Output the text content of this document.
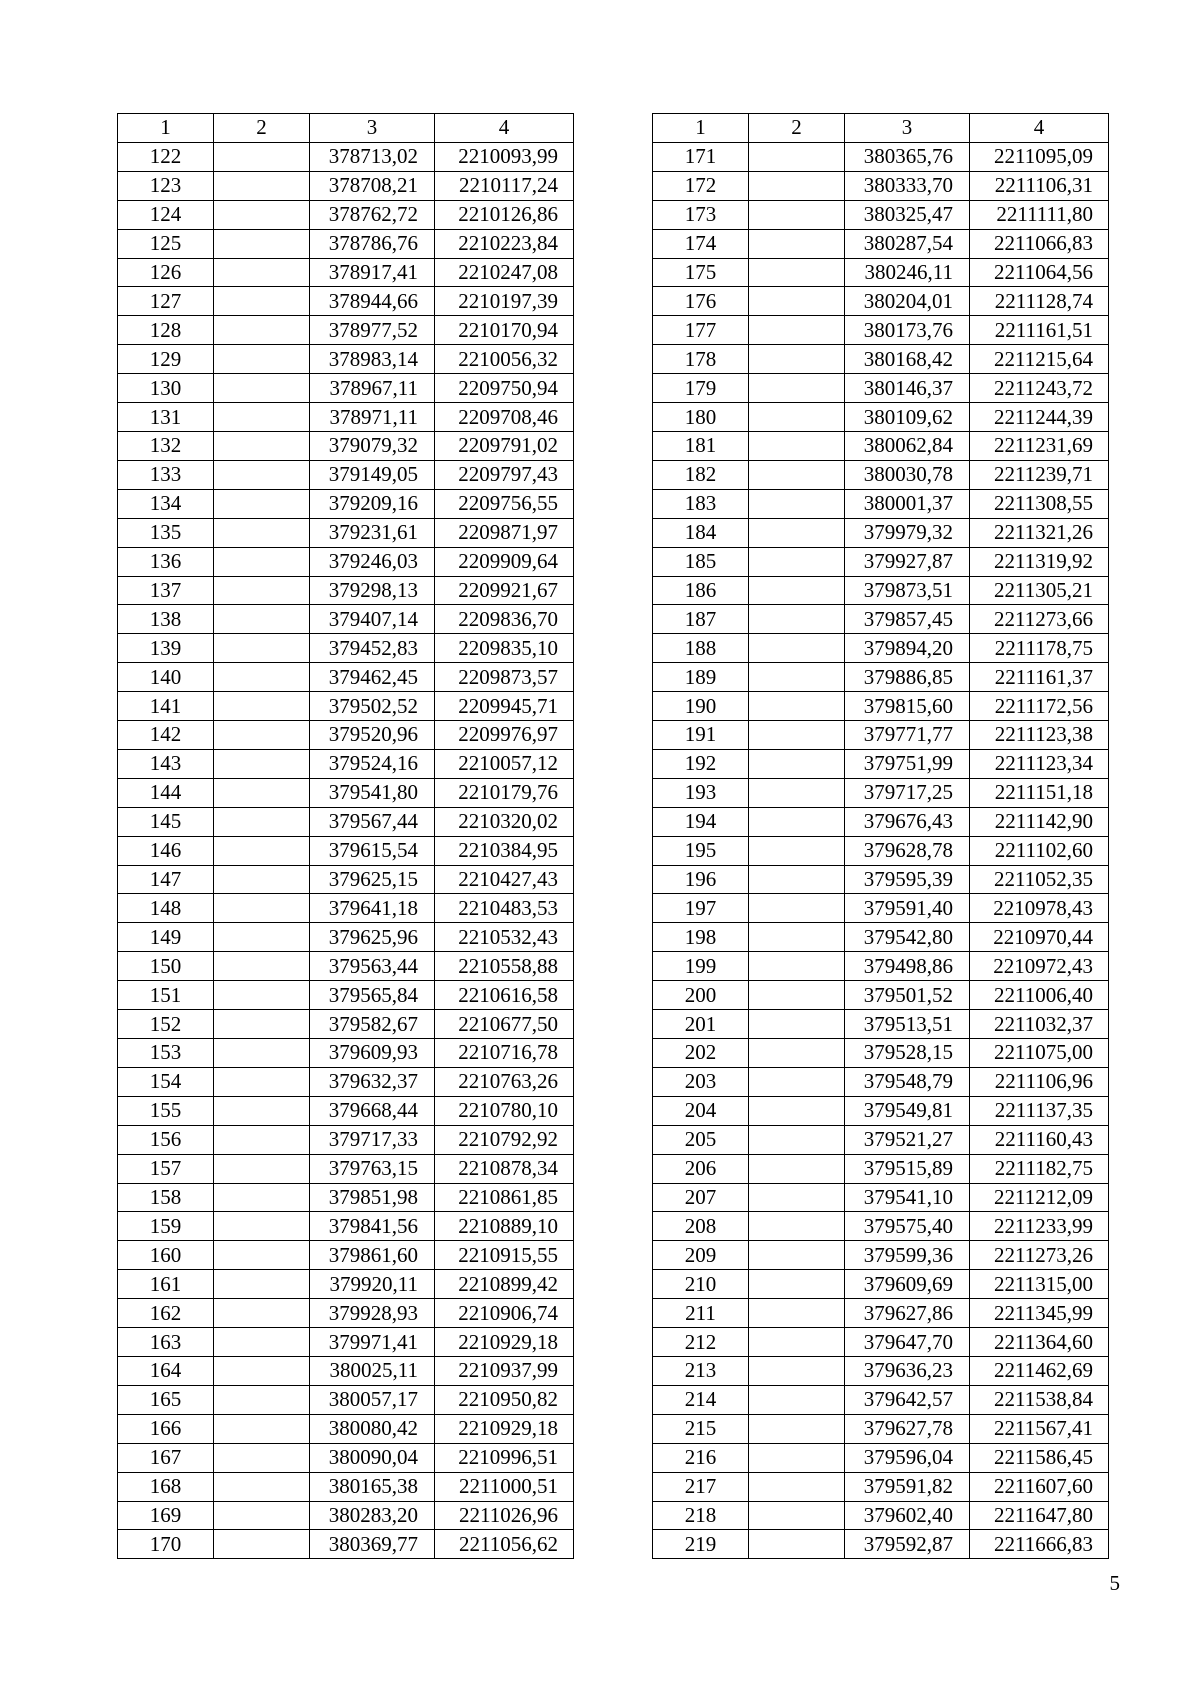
1	2	3	4
122		378713,02	2210093,99
123		378708,21	2210117,24
124		378762,72	2210126,86
125		378786,76	2210223,84
126		378917,41	2210247,08
127		378944,66	2210197,39
128		378977,52	2210170,94
129		378983,14	2210056,32
130		378967,11	2209750,94
131		378971,11	2209708,46
132		379079,32	2209791,02
133		379149,05	2209797,43
134		379209,16	2209756,55
135		379231,61	2209871,97
136		379246,03	2209909,64
137		379298,13	2209921,67
138		379407,14	2209836,70
139		379452,83	2209835,10
140		379462,45	2209873,57
141		379502,52	2209945,71
142		379520,96	2209976,97
143		379524,16	2210057,12
144		379541,80	2210179,76
145		379567,44	2210320,02
146		379615,54	2210384,95
147		379625,15	2210427,43
148		379641,18	2210483,53
149		379625,96	2210532,43
150		379563,44	2210558,88
151		379565,84	2210616,58
152		379582,67	2210677,50
153		379609,93	2210716,78
154		379632,37	2210763,26
155		379668,44	2210780,10
156		379717,33	2210792,92
157		379763,15	2210878,34
158		379851,98	2210861,85
159		379841,56	2210889,10
160		379861,60	2210915,55
161		379920,11	2210899,42
162		379928,93	2210906,74
163		379971,41	2210929,18
164		380025,11	2210937,99
165		380057,17	2210950,82
166		380080,42	2210929,18
167		380090,04	2210996,51
168		380165,38	2211000,51
169		380283,20	2211026,96
170		380369,77	2211056,62
1	2	3	4
171		380365,76	2211095,09
172		380333,70	2211106,31
173		380325,47	2211111,80
174		380287,54	2211066,83
175		380246,11	2211064,56
176		380204,01	2211128,74
177		380173,76	2211161,51
178		380168,42	2211215,64
179		380146,37	2211243,72
180		380109,62	2211244,39
181		380062,84	2211231,69
182		380030,78	2211239,71
183		380001,37	2211308,55
184		379979,32	2211321,26
185		379927,87	2211319,92
186		379873,51	2211305,21
187		379857,45	2211273,66
188		379894,20	2211178,75
189		379886,85	2211161,37
190		379815,60	2211172,56
191		379771,77	2211123,38
192		379751,99	2211123,34
193		379717,25	2211151,18
194		379676,43	2211142,90
195		379628,78	2211102,60
196		379595,39	2211052,35
197		379591,40	2210978,43
198		379542,80	2210970,44
199		379498,86	2210972,43
200		379501,52	2211006,40
201		379513,51	2211032,37
202		379528,15	2211075,00
203		379548,79	2211106,96
204		379549,81	2211137,35
205		379521,27	2211160,43
206		379515,89	2211182,75
207		379541,10	2211212,09
208		379575,40	2211233,99
209		379599,36	2211273,26
210		379609,69	2211315,00
211		379627,86	2211345,99
212		379647,70	2211364,60
213		379636,23	2211462,69
214		379642,57	2211538,84
215		379627,78	2211567,41
216		379596,04	2211586,45
217		379591,82	2211607,60
218		379602,40	2211647,80
219		379592,87	2211666,83
5
